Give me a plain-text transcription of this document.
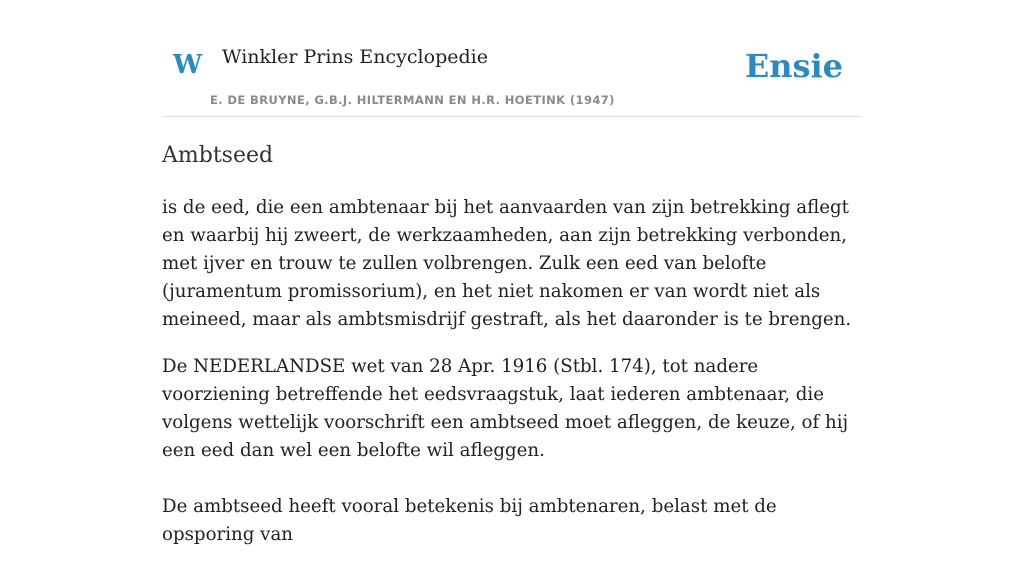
W Winkler Prins Encyclopedie
E. DE BRUYNE, G.B.J. HILTERMANN EN H.R. HOETINK (1947)
Ensie
Ambtseed

is de eed, die een ambtenaar bij het aanvaarden van zijn betrekking aflegt en waarbij hij zweert, de werkzaamheden, aan zijn betrekking verbonden, met ijver en trouw te zullen volbrengen. Zulk een eed van belofte (juramentum promissorium), en het niet nakomen er van wordt niet als meineed, maar als ambtsmisdrijf gestraft, als het daaronder is te brengen.

De NEDERLANDSE wet van 28 Apr. 1916 (Stbl. 174), tot nadere voorziening betreffende het eedsvraagstuk, laat iederen ambtenaar, die volgens wettelijk voorschrift een ambtseed moet afleggen, de keuze, of hij een eed dan wel een belofte wil afleggen.

De ambtseed heeft vooral betekenis bij ambtenaren, belast met de opsporing van
